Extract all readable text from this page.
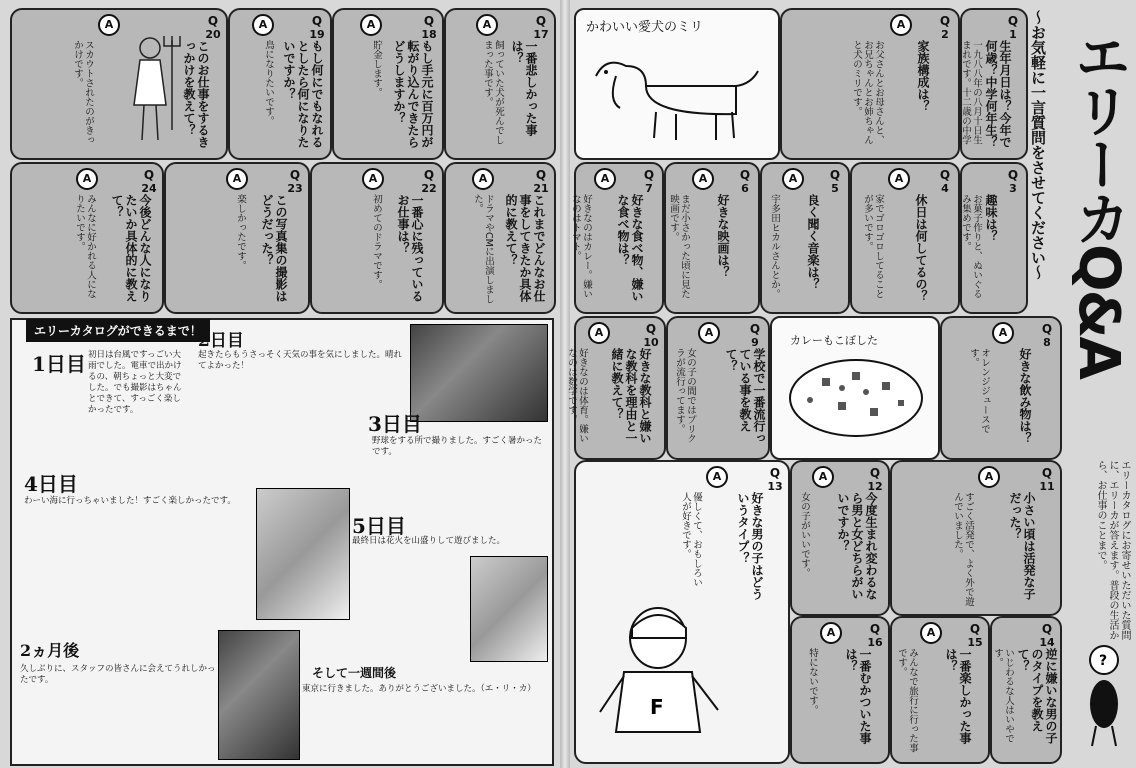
Q
17
一番悲しかった事は？
A
飼っていた犬が死んでしまった事です。
Q
18
もし手元に百万円が転がり込んできたらどうしますか？
A
貯金します。
Q
19
もし何にでもなれるとしたら何になりたいですか？
A
鳥になりたいです。
Q
20
このお仕事をするきっかけを教えて？
A
スカウトされたのがきっかけです。
Q
21
これまでどんなお仕事をしてきたか具体的に教えて？
A
ドラマやCMに出演しました。
Q
22
一番心に残っているお仕事は？
A
初めてのドラマです。
Q
23
この写真集の撮影はどうだった？
A
楽しかったです。
Q
24
今後どんな人になりたいか具体的に教えて？
A
みんなに好かれる人になりたいです。
エリーカタログができるまで！
1日目 初日は台風ですっごい大雨でした。電車で出かけるの、朝ちょっと大変でした。でも撮影はちゃんとできて、すっごく楽しかったです。
2日目
起きたらもうさっそく天気の事を気にしました。晴れてよかった！
3日目
野球をする所で撮りました。すごく暑かったです。
4日目
わーい海に行っちゃいました！すごく楽しかったです。
5日目
最終日は花火を山盛りして遊びました。
2ヵ月後
久しぶりに、スタッフの皆さんに会えてうれしかったです。	そして一週間後
東京に行きました。ありがとうございました。（エ・リ・カ）
エリーカQ&A
〜お気軽に一言質問をさせてください〜
エリーカタログにお寄せいただいた質問に、エリーカが答えます。普段の生活から、お仕事のことまで。
?
Q
1
生年月日は？今年で何歳？中学何年生？
一九八八年の八月十日生まれです。十二歳の中学
Q
2
家族構成は？
A
お父さんとお母さんと、お兄ちゃんとお姉ちゃんと犬のミリです。
かわいい愛犬のミリ
Q
3
趣味は？
お菓子作りと、ぬいぐるみ集めです。
Q
4
休日は何してるの？
A
家でゴロゴロしてることが多いです。
Q
5
良く聞く音楽は？
A
宇多田ヒカルさんとか。
Q
6
好きな映画は？
A
まだ小さかった頃に見た映画です。
Q
7
好きな食べ物、嫌いな食べ物は？
A
好きなのはカレー。嫌いなのはトマト。
Q
8
好きな飲み物は？
A
オレンジジュースです。
カレーもこぼした
Q
9
学校で一番流行っている事を教えて？
A
女の子の間ではプリクラが流行ってます。
Q
10
好きな教科と嫌いな教科を理由と一緒に教えて？
A
好きなのは体育。嫌いなのは数学です。
Q
11
小さい頃は活発な子だった？
A
すごく活発で、よく外で遊んでいました。
Q
12
今度生まれ変わるなら男と女どちらがいいですか？
A
女の子がいいです。
Q
13
好きな男の子はどういうタイプ？
A
優しくて、おもしろい人が好きです。
F
Q
14
逆に嫌いな男の子のタイプを教えて？
いじわるな人はいやです。
Q
15
一番楽しかった事は？
A
みんなで旅行に行った事です。
Q
16
一番むかついた事は？
A
特にないです。
